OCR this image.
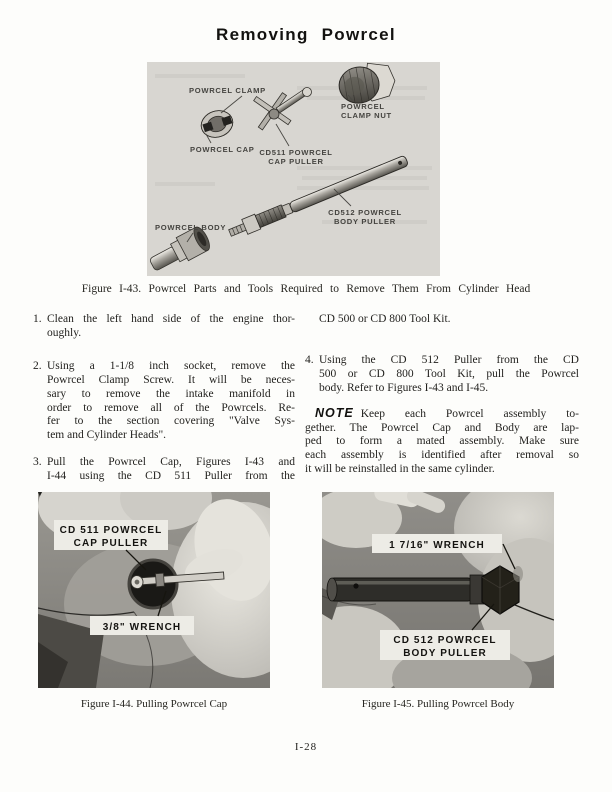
Removing Powrcel
POWRCEL CLAMP
POWRCEL CAP CD511 POWRCEL
CAP PULLER
POWRCEL
CLAMP NUT
CD512 POWRCEL
BODY PULLER
POWRCEL BODY
Figure I-43. Powrcel Parts and Tools Required to Remove Them From Cylinder Head
1. Clean the left hand side of the engine thor-
oughly.
2. Using a 1-1/8 inch socket, remove the
Powrcel Clamp Screw. It will be neces-
sary to remove the intake manifold in
order to remove all of the Powrcels. Re-
fer to the section covering "Valve Sys-
tem and Cylinder Heads".
3. Pull the Powrcel Cap, Figures I-43 and
I-44 using the CD 511 Puller from the
CD 500 or CD 800 Tool Kit.
4. Using the CD 512 Puller from the CD
500 or CD 800 Tool Kit, pull the Powrcel
body. Refer to Figures I-43 and I-45.
NOTE Keep each Powrcel assembly to-
gether. The Powrcel Cap and Body are lap-
ped to form a mated assembly. Make sure
each assembly is identified after removal so
it will be reinstalled in the same cylinder.
CD 511 POWRCEL
CAP PULLER
3/8" WRENCH
1 7/16" WRENCH
CD 512 POWRCEL
BODY PULLER
Figure I-44. Pulling Powrcel Cap	Figure I-45. Pulling Powrcel Body
I-28
